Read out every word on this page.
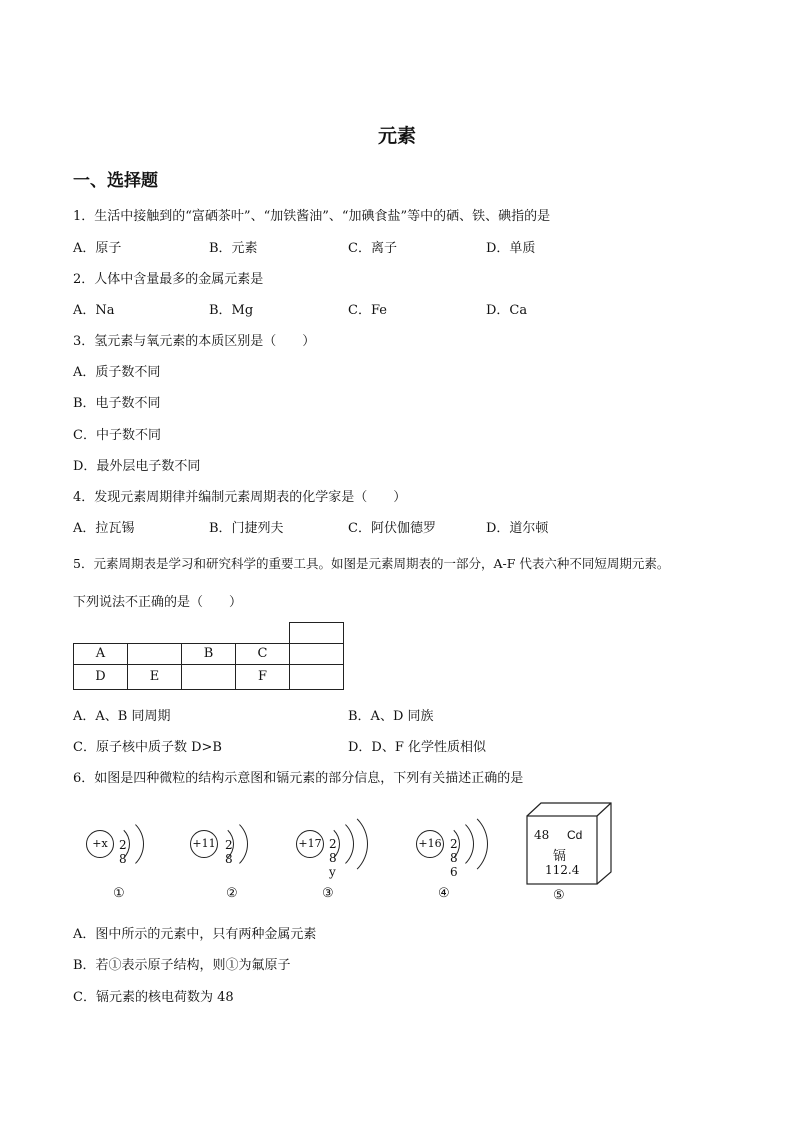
元素
一、选择题
1．生活中接触到的“富硒茶叶”、“加铁酱油”、“加碘食盐”等中的硒、铁、碘指的是
A．原子	B．元素	C．离子	D．单质
2．人体中含量最多的金属元素是
A．Na	B．Mg	C．Fe	D．Ca
3．氢元素与氧元素的本质区别是（　　）
A．质子数不同
B．电子数不同
C．中子数不同
D．最外层电子数不同
4．发现元素周期律并编制元素周期表的化学家是（　　）
A．拉瓦锡	B．门捷列夫	C．阿伏伽德罗	D．道尔顿
5．元素周期表是学习和研究科学的重要工具。如图是元素周期表的一部分，A-F 代表六种不同短周期元素。
下列说法不正确的是（　　）

A		B	C	
D	E		F	
A．A、B 同周期	B．A、D 同族
C．原子核中质子数 D>B	D．D、F 化学性质相似
6．如图是四种微粒的结构示意图和镉元素的部分信息，下列有关描述正确的是
+x 2 8
①
+11 2 8
②
+17 2 8 y
③
+16 2 8 6
④
48 Cd
镉
112.4
⑤
A．图中所示的元素中，只有两种金属元素
B．若①表示原子结构，则①为氟原子
C．镉元素的核电荷数为 48
